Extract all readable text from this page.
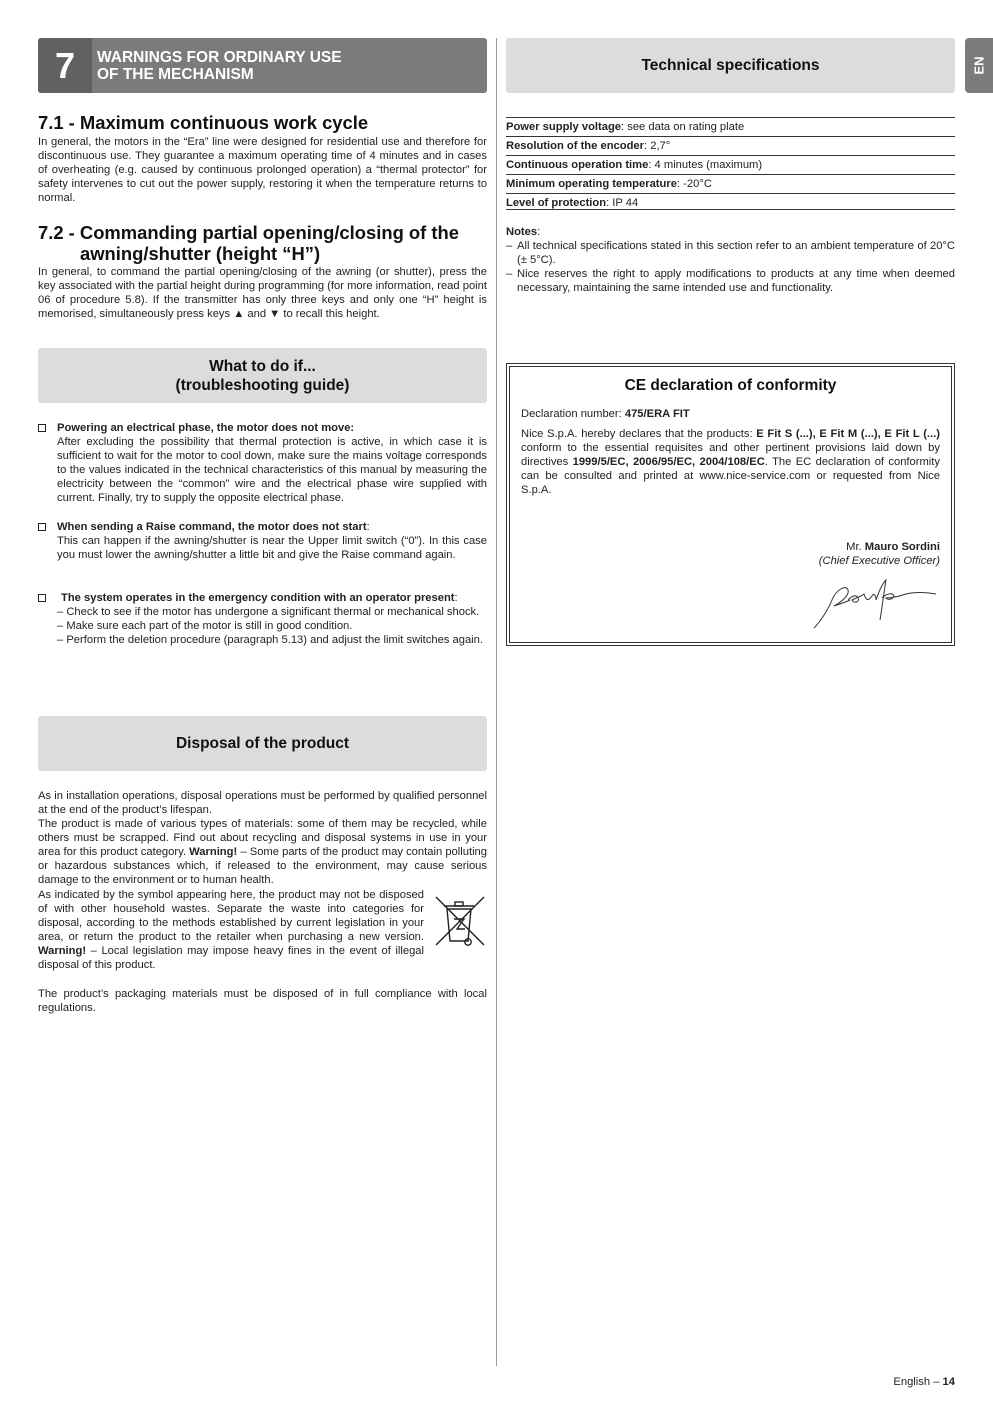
7	WARNINGS FOR ORDINARY USE
OF THE MECHANISM
7.1 - Maximum continuous work cycle

In general, the motors in the “Era” line were designed for residential use and therefore for discontinuous use. They guarantee a maximum operating time of 4 minutes and in cases of overheating (e.g. caused by continuous prolonged operation) a “thermal protector” for safety intervenes to cut out the power supply, restoring it when the temperature returns to normal.

7.2 - Commanding partial opening/closing of the
awning/shutter (height “H”)

In general, to command the partial opening/closing of the awning (or shutter), press the key associated with the partial height during programming (for more information, read point 06 of procedure 5.8). If the transmitter has only three keys and only one “H” height is memorised, simultaneously press keys ▲ and ▼ to recall this height.

What to do if...
(troubleshooting guide)
Powering an electrical phase, the motor does not move:

After excluding the possibility that thermal protection is active, in which case it is sufficient to wait for the motor to cool down, make sure the mains voltage corresponds to the values indicated in the technical characteristics of this manual by measuring the electricity between the “common” wire and the electrical phase wire supplied with current. Finally, try to supply the opposite electrical phase.

When sending a Raise command, the motor does not start:

This can happen if the awning/shutter is near the Upper limit switch (“0”). In this case you must lower the awning/shutter a little bit and give the Raise command again.

The system operates in the emergency condition with an operator present:

– Check to see if the motor has undergone a significant thermal or mechanical shock.

– Make sure each part of the motor is still in good condition.

– Perform the deletion procedure (paragraph 5.13) and adjust the limit switches again.

Disposal of the product

As in installation operations, disposal operations must be performed by qualified personnel at the end of the product’s lifespan.

The product is made of various types of materials: some of them may be recycled, while others must be scrapped. Find out about recycling and disposal systems in use in your area for this product category. Warning! – Some parts of the product may contain polluting or hazardous substances which, if released to the environment, may cause serious damage to the environment or to human health.

As indicated by the symbol appearing here, the product may not be disposed of with other household wastes. Separate the waste into categories for disposal, according to the methods established by current legislation in your area, or return the product to the retailer when purchasing a new version. Warning! – Local legislation may impose heavy fines in the event of illegal disposal of this product.

The product’s packaging materials must be disposed of in full compliance with local regulations.

Technical specifications
Power supply voltage: see data on rating plate
Resolution of the encoder: 2,7°
Continuous operation time: 4 minutes (maximum)
Minimum operating temperature: -20°C
Level of protection: IP 44
Notes:
– All technical specifications stated in this section refer to an ambient temperature of 20°C (± 5°C).
– Nice reserves the right to apply modifications to products at any time when deemed necessary, maintaining the same intended use and functionality.
CE declaration of conformity
Declaration number: 475/ERA FIT

Nice S.p.A. hereby declares that the products: E Fit S (...), E Fit M (...), E Fit L (...) conform to the essential requisites and other pertinent provisions laid down by directives 1999/5/EC, 2006/95/EC, 2004/108/EC. The EC declaration of conformity can be consulted and printed at www.nice-service.com or requested from Nice S.p.A.

Mr. Mauro Sordini
(Chief Executive Officer)
EN
English – 14
